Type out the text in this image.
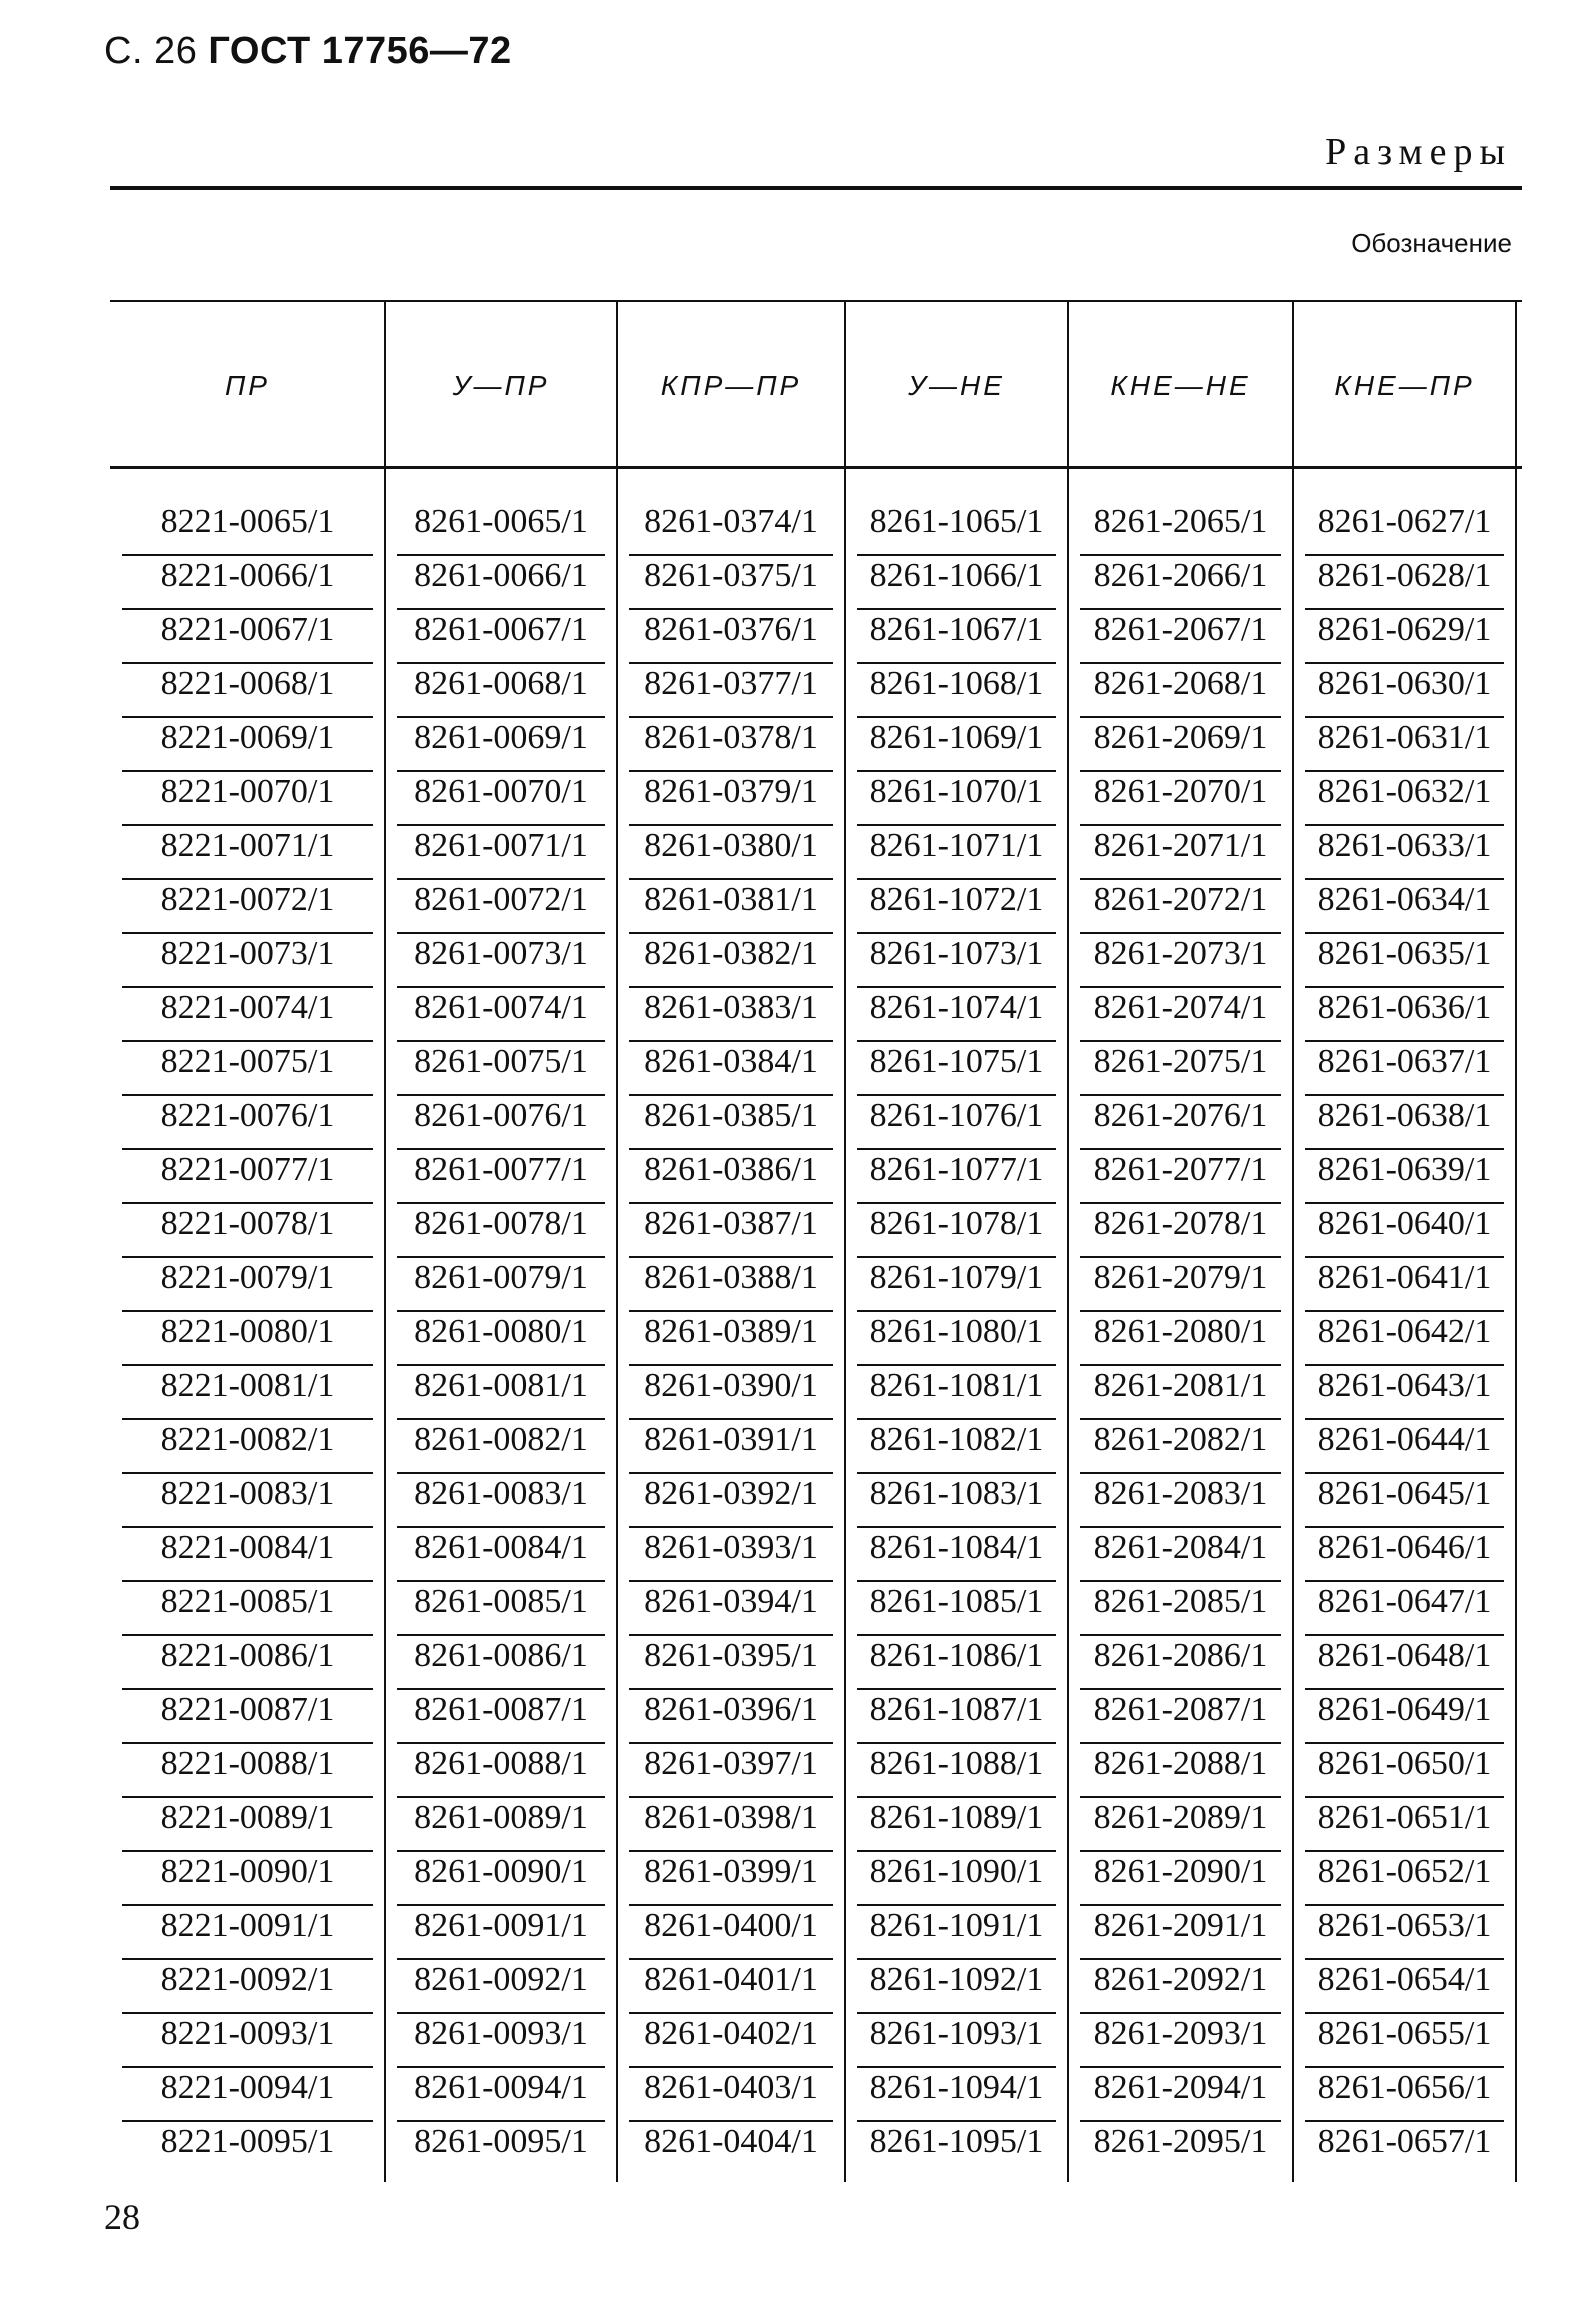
С. 26 ГОСТ 17756—72
Размеры
Обозначение
ПР	У—ПР	КПР—ПР	У—НЕ	КНЕ—НЕ	КНЕ—ПР
8221-0065/1	8261-0065/1	8261-0374/1	8261-1065/1	8261-2065/1	8261-0627/1
8221-0066/1	8261-0066/1	8261-0375/1	8261-1066/1	8261-2066/1	8261-0628/1
8221-0067/1	8261-0067/1	8261-0376/1	8261-1067/1	8261-2067/1	8261-0629/1
8221-0068/1	8261-0068/1	8261-0377/1	8261-1068/1	8261-2068/1	8261-0630/1
8221-0069/1	8261-0069/1	8261-0378/1	8261-1069/1	8261-2069/1	8261-0631/1
8221-0070/1	8261-0070/1	8261-0379/1	8261-1070/1	8261-2070/1	8261-0632/1
8221-0071/1	8261-0071/1	8261-0380/1	8261-1071/1	8261-2071/1	8261-0633/1
8221-0072/1	8261-0072/1	8261-0381/1	8261-1072/1	8261-2072/1	8261-0634/1
8221-0073/1	8261-0073/1	8261-0382/1	8261-1073/1	8261-2073/1	8261-0635/1
8221-0074/1	8261-0074/1	8261-0383/1	8261-1074/1	8261-2074/1	8261-0636/1
8221-0075/1	8261-0075/1	8261-0384/1	8261-1075/1	8261-2075/1	8261-0637/1
8221-0076/1	8261-0076/1	8261-0385/1	8261-1076/1	8261-2076/1	8261-0638/1
8221-0077/1	8261-0077/1	8261-0386/1	8261-1077/1	8261-2077/1	8261-0639/1
8221-0078/1	8261-0078/1	8261-0387/1	8261-1078/1	8261-2078/1	8261-0640/1
8221-0079/1	8261-0079/1	8261-0388/1	8261-1079/1	8261-2079/1	8261-0641/1
8221-0080/1	8261-0080/1	8261-0389/1	8261-1080/1	8261-2080/1	8261-0642/1
8221-0081/1	8261-0081/1	8261-0390/1	8261-1081/1	8261-2081/1	8261-0643/1
8221-0082/1	8261-0082/1	8261-0391/1	8261-1082/1	8261-2082/1	8261-0644/1
8221-0083/1	8261-0083/1	8261-0392/1	8261-1083/1	8261-2083/1	8261-0645/1
8221-0084/1	8261-0084/1	8261-0393/1	8261-1084/1	8261-2084/1	8261-0646/1
8221-0085/1	8261-0085/1	8261-0394/1	8261-1085/1	8261-2085/1	8261-0647/1
8221-0086/1	8261-0086/1	8261-0395/1	8261-1086/1	8261-2086/1	8261-0648/1
8221-0087/1	8261-0087/1	8261-0396/1	8261-1087/1	8261-2087/1	8261-0649/1
8221-0088/1	8261-0088/1	8261-0397/1	8261-1088/1	8261-2088/1	8261-0650/1
8221-0089/1	8261-0089/1	8261-0398/1	8261-1089/1	8261-2089/1	8261-0651/1
8221-0090/1	8261-0090/1	8261-0399/1	8261-1090/1	8261-2090/1	8261-0652/1
8221-0091/1	8261-0091/1	8261-0400/1	8261-1091/1	8261-2091/1	8261-0653/1
8221-0092/1	8261-0092/1	8261-0401/1	8261-1092/1	8261-2092/1	8261-0654/1
8221-0093/1	8261-0093/1	8261-0402/1	8261-1093/1	8261-2093/1	8261-0655/1
8221-0094/1	8261-0094/1	8261-0403/1	8261-1094/1	8261-2094/1	8261-0656/1
8221-0095/1	8261-0095/1	8261-0404/1	8261-1095/1	8261-2095/1	8261-0657/1
28
